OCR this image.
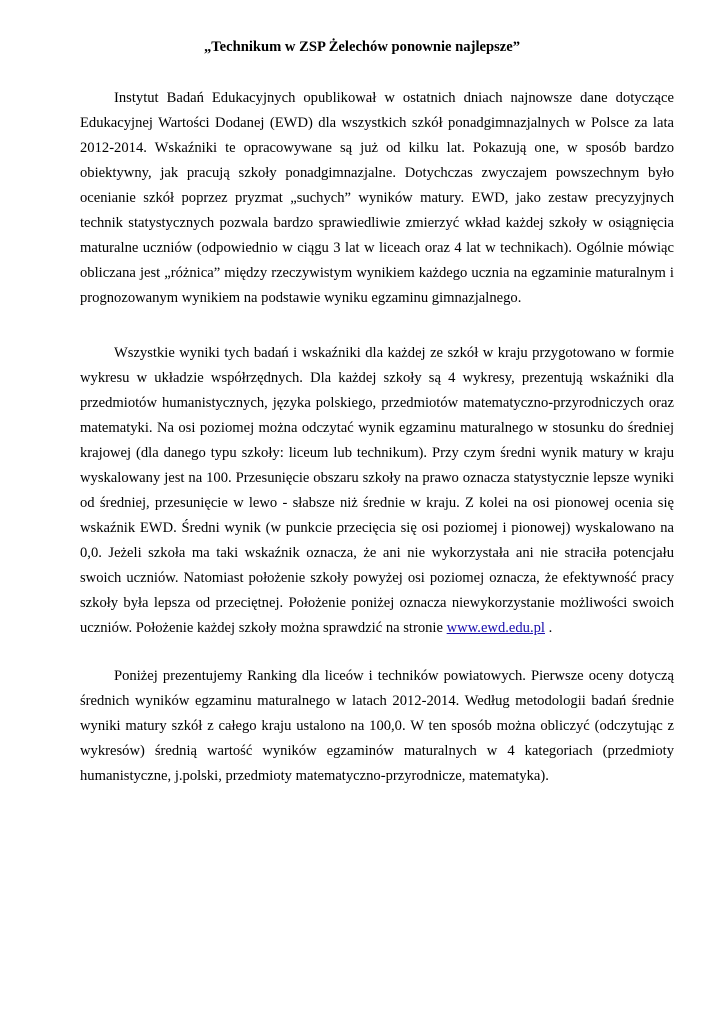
„Technikum w ZSP Żelechów ponownie najlepsze”

Instytut Badań Edukacyjnych opublikował w ostatnich dniach najnowsze dane dotyczące Edukacyjnej Wartości Dodanej (EWD) dla wszystkich szkół ponadgimnazjalnych w Polsce za lata 2012-2014. Wskaźniki te opracowywane są już od kilku lat. Pokazują one, w sposób bardzo obiektywny, jak pracują szkoły ponadgimnazjalne. Dotychczas zwyczajem powszechnym było ocenianie szkół poprzez pryzmat „suchych” wyników matury. EWD, jako zestaw precyzyjnych technik statystycznych pozwala bardzo sprawiedliwie zmierzyć wkład każdej szkoły w osiągnięcia maturalne uczniów (odpowiednio w ciągu 3 lat w liceach oraz 4 lat w technikach). Ogólnie mówiąc obliczana jest „różnica” między rzeczywistym wynikiem każdego ucznia na egzaminie maturalnym i prognozowanym wynikiem na podstawie wyniku egzaminu gimnazjalnego.

Wszystkie wyniki tych badań i wskaźniki dla każdej ze szkół w kraju przygotowano w formie wykresu w układzie współrzędnych. Dla każdej szkoły są 4 wykresy, prezentują wskaźniki dla przedmiotów humanistycznych, języka polskiego, przedmiotów matematyczno-przyrodniczych oraz matematyki. Na osi poziomej można odczytać wynik egzaminu maturalnego w stosunku do średniej krajowej (dla danego typu szkoły: liceum lub technikum). Przy czym średni wynik matury w kraju wyskalowany jest na 100. Przesunięcie obszaru szkoły na prawo oznacza statystycznie lepsze wyniki od średniej, przesunięcie w lewo - słabsze niż średnie w kraju. Z kolei na osi pionowej ocenia się wskaźnik EWD. Średni wynik (w punkcie przecięcia się osi poziomej i pionowej) wyskalowano na 0,0. Jeżeli szkoła ma taki wskaźnik oznacza, że ani nie wykorzystała ani nie straciła potencjału swoich uczniów. Natomiast położenie szkoły powyżej osi poziomej oznacza, że efektywność pracy szkoły była lepsza od przeciętnej. Położenie poniżej oznacza niewykorzystanie możliwości swoich uczniów. Położenie każdej szkoły można sprawdzić na stronie www.ewd.edu.pl .

Poniżej prezentujemy Ranking dla liceów i techników powiatowych. Pierwsze oceny dotyczą średnich wyników egzaminu maturalnego w latach 2012-2014. Według metodologii badań średnie wyniki matury szkół z całego kraju ustalono na 100,0. W ten sposób można obliczyć (odczytując z wykresów) średnią wartość wyników egzaminów maturalnych w 4 kategoriach (przedmioty humanistyczne, j.polski, przedmioty matematyczno-przyrodnicze, matematyka).
